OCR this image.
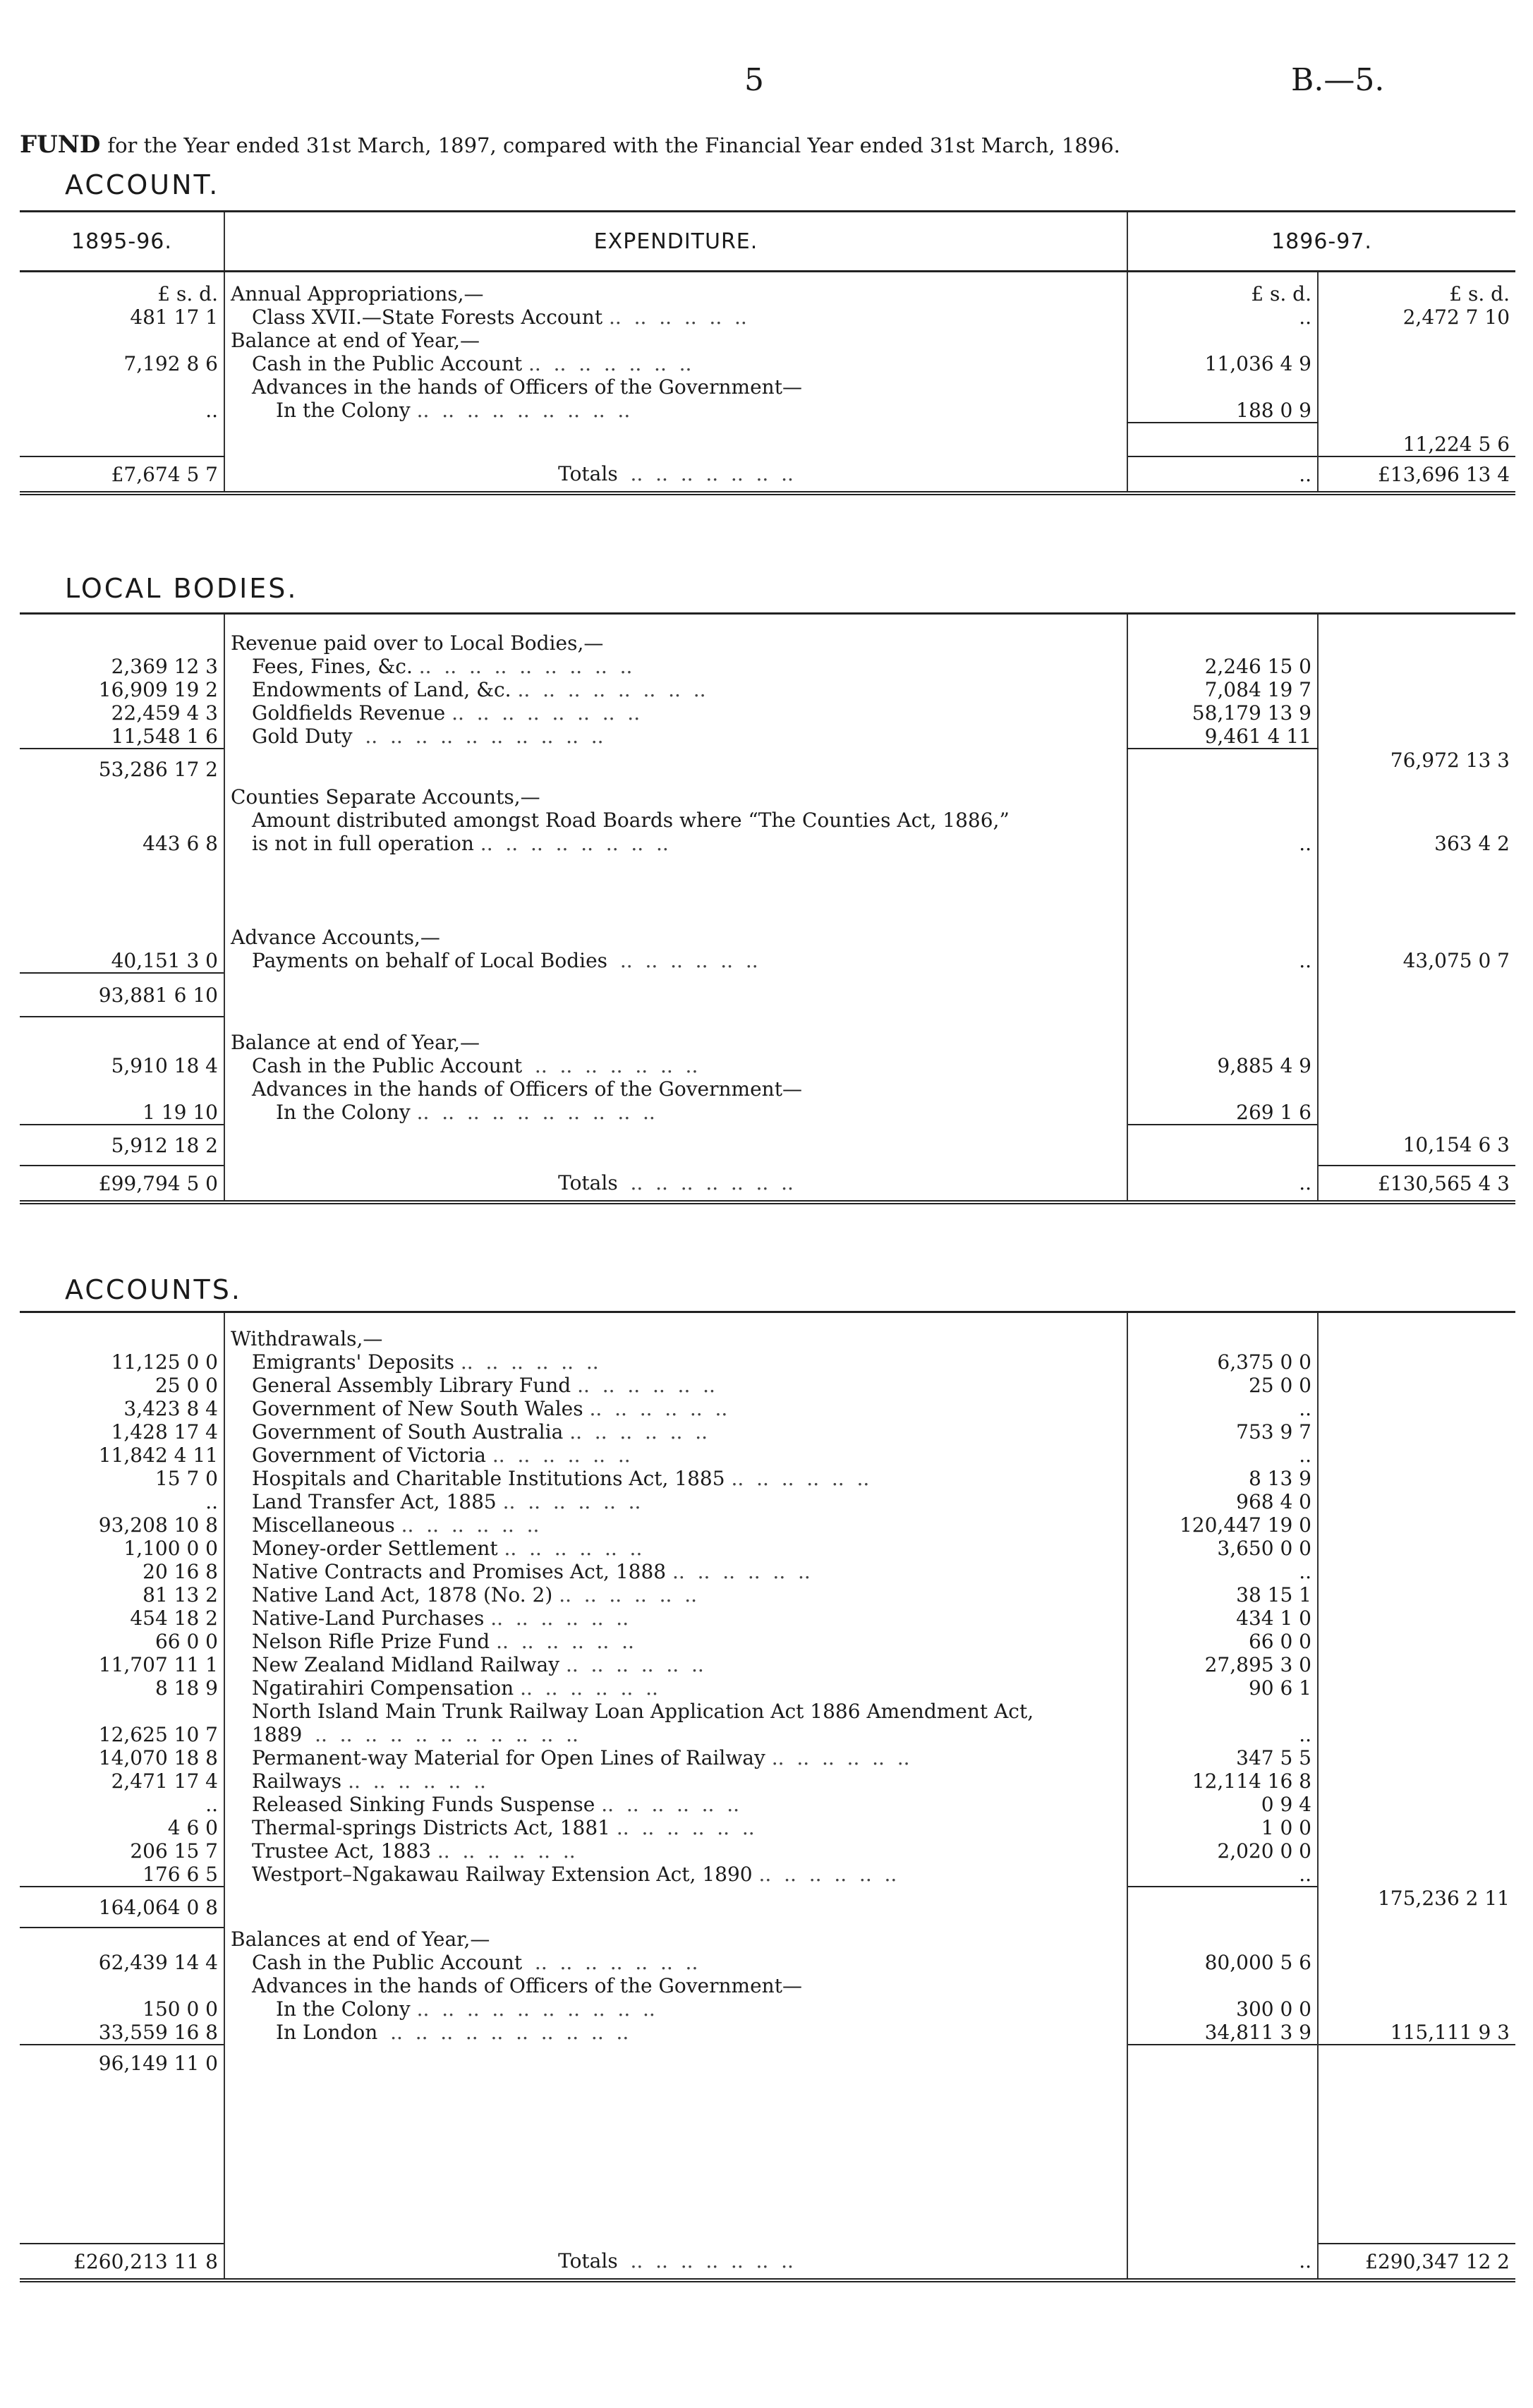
5	B.—5.
FUND for the Year ended 31st March, 1897, compared with the Financial Year ended 31st March, 1896.
ACCOUNT.
1895-96.	EXPENDITURE.	1896-97.	
£ s. d.	Annual Appropriations,—	£ s. d.	£ s. d.
481 17 1	Class XVII.—State Forests Account ..  ..  ..  ..  ..  ..	..	2,472 7 10
	Balance at end of Year,—		
7,192 8 6	Cash in the Public Account ..  ..  ..  ..  ..  ..  ..	11,036 4 9	
	Advances in the hands of Officers of the Government—		
..	In the Colony ..  ..  ..  ..  ..  ..  ..  ..  ..	188 0 9	
			11,224 5 6
£7,674 5 7	Totals  ..  ..  ..  ..  ..  ..  ..	..	£13,696 13 4
LOCAL BODIES.
	Revenue paid over to Local Bodies,—		
2,369 12 3	Fees, Fines, &c. ..  ..  ..  ..  ..  ..  ..  ..  ..	2,246 15 0	
16,909 19 2	Endowments of Land, &c. ..  ..  ..  ..  ..  ..  ..  ..	7,084 19 7	
22,459 4 3	Goldfields Revenue ..  ..  ..  ..  ..  ..  ..  ..	58,179 13 9	
11,548 1 6	Gold Duty  ..  ..  ..  ..  ..  ..  ..  ..  ..  ..	9,461 4 11	
53,286 17 2			76,972 13 3
	Counties Separate Accounts,—		
	Amount distributed amongst Road Boards where “The Counties Act, 1886,”		
443 6 8	is not in full operation ..  ..  ..  ..  ..  ..  ..  ..	..	363 4 2

	Advance Accounts,—		
40,151 3 0	Payments on behalf of Local Bodies  ..  ..  ..  ..  ..  ..	..	43,075 0 7
93,881 6 10			
	Balance at end of Year,—		
5,910 18 4	Cash in the Public Account  ..  ..  ..  ..  ..  ..  ..	9,885 4 9	
	Advances in the hands of Officers of the Government—		
1 19 10	In the Colony ..  ..  ..  ..  ..  ..  ..  ..  ..  ..	269 1 6	
5,912 18 2			10,154 6 3
£99,794 5 0	Totals  ..  ..  ..  ..  ..  ..  ..	..	£130,565 4 3
ACCOUNTS.
	Withdrawals,—		
11,125 0 0	Emigrants' Deposits ..  ..  ..  ..  ..  ..	6,375 0 0	
25 0 0	General Assembly Library Fund ..  ..  ..  ..  ..  ..	25 0 0	
3,423 8 4	Government of New South Wales ..  ..  ..  ..  ..  ..	..	
1,428 17 4	Government of South Australia ..  ..  ..  ..  ..  ..	753 9 7	
11,842 4 11	Government of Victoria ..  ..  ..  ..  ..  ..	..	
15 7 0	Hospitals and Charitable Institutions Act, 1885 ..  ..  ..  ..  ..  ..	8 13 9	
..	Land Transfer Act, 1885 ..  ..  ..  ..  ..  ..	968 4 0	
93,208 10 8	Miscellaneous ..  ..  ..  ..  ..  ..	120,447 19 0	
1,100 0 0	Money-order Settlement ..  ..  ..  ..  ..  ..	3,650 0 0	
20 16 8	Native Contracts and Promises Act, 1888 ..  ..  ..  ..  ..  ..	..	
81 13 2	Native Land Act, 1878 (No. 2) ..  ..  ..  ..  ..  ..	38 15 1	
454 18 2	Native-Land Purchases ..  ..  ..  ..  ..  ..	434 1 0	
66 0 0	Nelson Rifle Prize Fund ..  ..  ..  ..  ..  ..	66 0 0	
11,707 11 1	New Zealand Midland Railway ..  ..  ..  ..  ..  ..	27,895 3 0	
8 18 9	Ngatirahiri Compensation ..  ..  ..  ..  ..  ..	90 6 1	
	North Island Main Trunk Railway Loan Application Act 1886 Amendment Act,		
12,625 10 7	1889  ..  ..  ..  ..  ..  ..  ..  ..  ..  ..  ..	..	
14,070 18 8	Permanent-way Material for Open Lines of Railway ..  ..  ..  ..  ..  ..	347 5 5	
2,471 17 4	Railways ..  ..  ..  ..  ..  ..	12,114 16 8	
..	Released Sinking Funds Suspense ..  ..  ..  ..  ..  ..	0 9 4	
4 6 0	Thermal-springs Districts Act, 1881 ..  ..  ..  ..  ..  ..	1 0 0	
206 15 7	Trustee Act, 1883 ..  ..  ..  ..  ..  ..	2,020 0 0	
176 6 5	Westport–Ngakawau Railway Extension Act, 1890 ..  ..  ..  ..  ..  ..	..	
164,064 0 8			175,236 2 11
	Balances at end of Year,—		
62,439 14 4	Cash in the Public Account  ..  ..  ..  ..  ..  ..  ..	80,000 5 6	
	Advances in the hands of Officers of the Government—		
150 0 0	In the Colony ..  ..  ..  ..  ..  ..  ..  ..  ..  ..	300 0 0	
33,559 16 8	In London  ..  ..  ..  ..  ..  ..  ..  ..  ..  ..	34,811 3 9	115,111 9 3
96,149 11 0			

£260,213 11 8	Totals  ..  ..  ..  ..  ..  ..  ..	..	£290,347 12 2
